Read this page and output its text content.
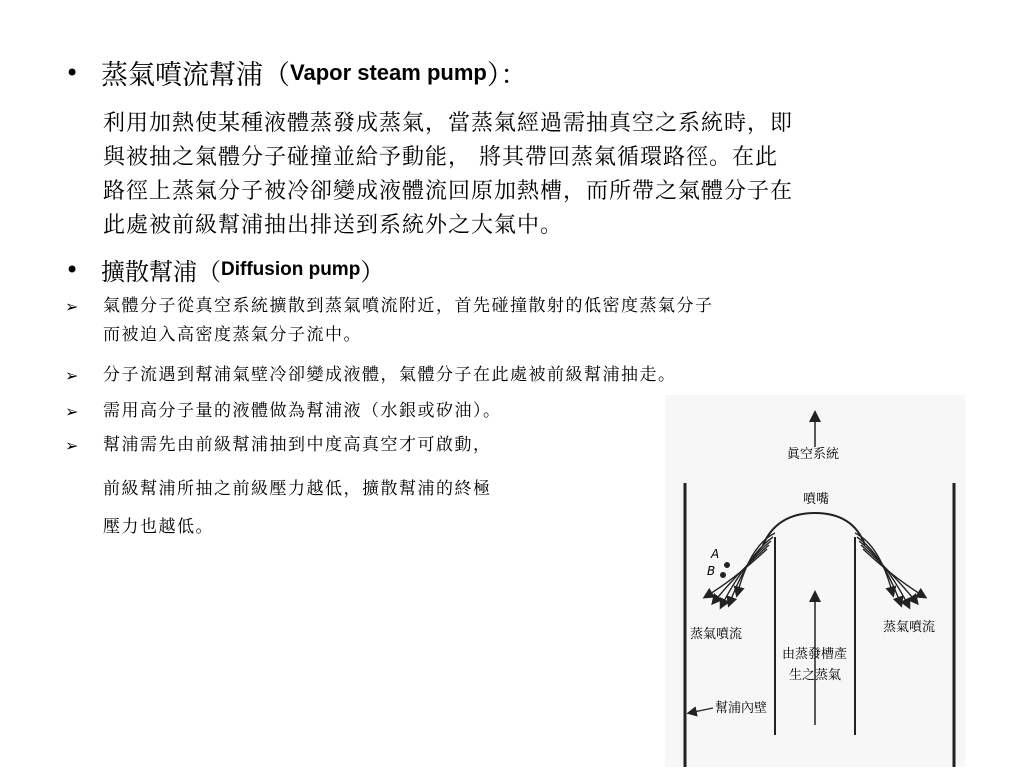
• 蒸氣噴流幫浦（ Vapor steam pump ）：
利用加熱使某種液體蒸發成蒸氣，當蒸氣經過需抽真空之系統時，即
與被抽之氣體分子碰撞並給予動能， 將其帶回蒸氣循環路徑。在此
路徑上蒸氣分子被冷卻變成液體流回原加熱槽，而所帶之氣體分子在
此處被前級幫浦抽出排送到系統外之大氣中。
• 擴散幫浦（ Diffusion pump ）
➢	氣體分子從真空系統擴散到蒸氣噴流附近，首先碰撞散射的低密度蒸氣分子
而被迫入高密度蒸氣分子流中。
➢	分子流遇到幫浦氣壁冷卻變成液體，氣體分子在此處被前級幫浦抽走。
➢	需用高分子量的液體做為幫浦液（水銀或矽油）。
➢	幫浦需先由前級幫浦抽到中度高真空才可啟動，
前級幫浦所抽之前級壓力越低，擴散幫浦的終極
壓力也越低。
眞空系統
噴嘴
A
B
蒸氣噴流	蒸氣噴流
由蒸發槽產
生之蒸氣
幫浦內壁
